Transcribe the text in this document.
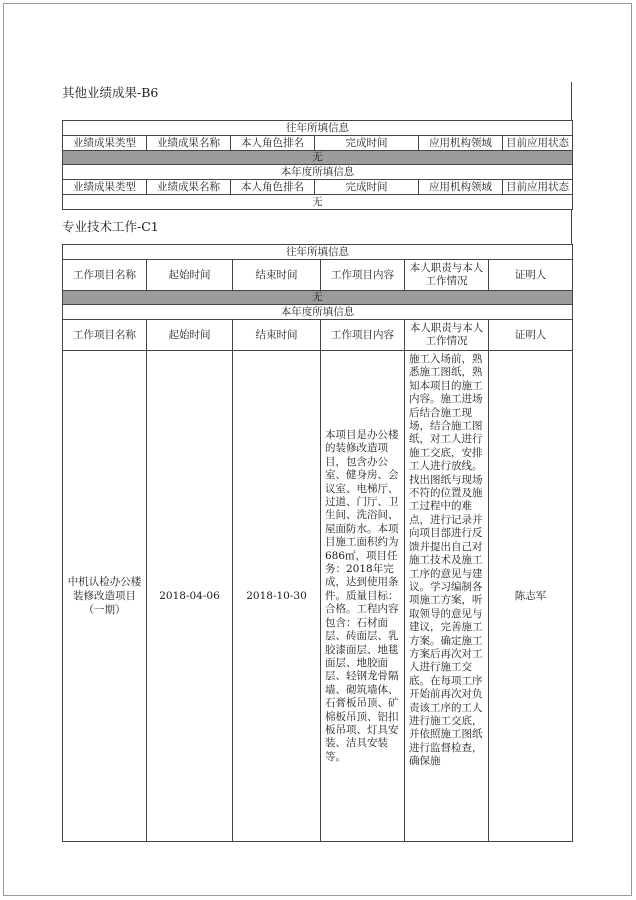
其他业绩成果-B6
往年所填信息					
业绩成果类型	业绩成果名称	本人角色排名	完成时间	应用机构领域	目前应用状态
无					
本年度所填信息					
业绩成果类型	业绩成果名称	本人角色排名	完成时间	应用机构领域	目前应用状态
无					
专业技术工作-C1
往年所填信息					
工作项目名称	起始时间	结束时间	工作项目内容	本人职责与本人工作情况	证明人
无					
本年度所填信息					
工作项目名称	起始时间	结束时间	工作项目内容	本人职责与本人工作情况	证明人
中机认检办公楼装修改造项目（一期）	2018-04-06	2018-10-30	本项目是办公楼的装修改造项目，包含办公室、健身房、会议室、电梯厅、过道、门厅、卫生间、洗浴间、屋面防水。本项目施工面积约为686㎡，项目任务：2018年完成，达到使用条件。质量目标：合格。工程内容包含：石材面层、砖面层、乳胶漆面层、地毯面层、地胶面层、轻钢龙骨隔墙、砌筑墙体、石膏板吊顶、矿棉板吊顶、铝扣板吊项、灯具安装、洁具安装等。	施工入场前，熟悉施工图纸，熟知本项目的施工内容。施工进场后结合施工现场，结合施工图纸，对工人进行施工交底，安排工人进行放线。找出图纸与现场不符的位置及施工过程中的难点，进行记录并向项目部进行反馈并提出自己对施工技术及施工工序的意见与建议。学习编制各项施工方案，听取领导的意见与建议，完善施工方案。确定施工方案后再次对工人进行施工交底。在每项工序开始前再次对负责该工序的工人进行施工交底，并依照施工图纸进行监督检查，确保施	陈志军
